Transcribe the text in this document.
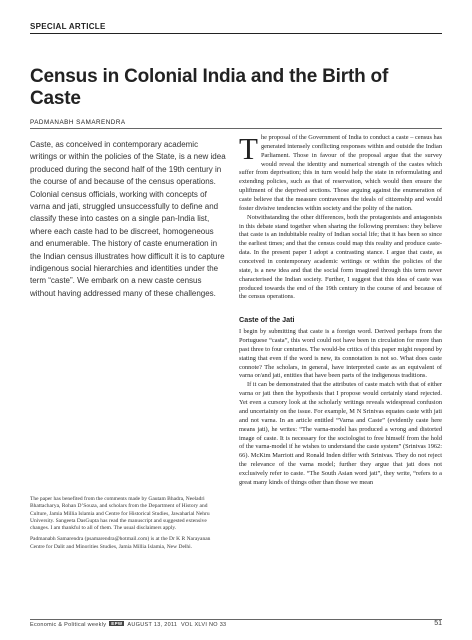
SPECIAL ARTICLE
Census in Colonial India and the Birth of Caste
PADMANABH SAMARENDRA

Caste, as conceived in contemporary academic writings or within the policies of the State, is a new idea produced during the second half of the 19th century in the course of and because of the census operations. Colonial census officials, working with concepts of varna and jati, struggled unsuccessfully to define and classify these into castes on a single pan-India list, where each caste had to be discreet, homogeneous and enumerable. The history of caste enumeration in the Indian census illustrates how difficult it is to capture indigenous social hierarchies and identities under the term “caste”. We embark on a new caste census without having addressed many of these challenges.

The paper has benefited from the comments made by Gautam Bhadra, Neeladri Bhattacharya, Rohan D’Souza, and scholars from the Department of History and Culture, Jamia Millia Islamia and Centre for Historical Studies, Jawaharlal Nehru University. Sangeeta DasGupta has read the manuscript and suggested extensive changes. I am thankful to all of them. The usual disclaimers apply.

Padmanabh Samarendra (psamarendra@hotmail.com) is at the Dr K R Narayanan Centre for Dalit and Minorities Studies, Jamia Millia Islamia, New Delhi.

The proposal of the Government of India to conduct a caste – census has generated intensely conflicting responses within and outside the Indian Parliament. Those in favour of the proposal argue that the survey would reveal the identity and numerical strength of the castes which suffer from deprivation; this in turn would help the state in reformulating and extending policies, such as that of reservation, which would then ensure the upliftment of the deprived sections. Those arguing against the enumeration of caste believe that the measure contravenes the ideals of citizenship and would foster divisive tendencies within society and the polity of the nation.

Notwithstanding the other differences, both the protagonists and antagonists in this debate stand together when sharing the following premises: they believe that caste is an indubitable reality of Indian social life; that it has been so since the earliest times; and that the census could map this reality and produce caste-data. In the present paper I adopt a contrasting stance. I argue that caste, as conceived in contemporary academic writings or within the policies of the state, is a new idea and that the social form imagined through this term never characterised the Indian society. Further, I suggest that this idea of caste was produced towards the end of the 19th century in the course of and because of the census operations.

Caste of the Jati

I begin by submitting that caste is a foreign word. Derived perhaps from the Portuguese “casta”, this word could not have been in circulation for more than past three to four centuries. The would-be critics of this paper might respond by stating that even if the word is new, its connotation is not so. What does caste connote? The scholars, in general, have interpreted caste as an equivalent of varna or/and jati, entities that have been parts of the indigenous traditions.

If it can be demonstrated that the attributes of caste match with that of either varna or jati then the hypothesis that I propose would certainly stand rejected. Yet even a cursory look at the scholarly writings reveals widespread confusion and uncertainty on the issue. For example, M N Srinivas equates caste with jati and not varna. In an article entitled “Varna and Caste” (evidently caste here means jati), he writes: “The varna-model has produced a wrong and distorted image of caste. It is necessary for the sociologist to free himself from the hold of the varna-model if he wishes to understand the caste system” (Srinivas 1962: 66). McKim Marriott and Ronald Inden differ with Srinivas. They do not reject the relevance of the varna model; further they argue that jati does not exclusively refer to caste. “The South Asian word jati”, they write, “refers to a great many kinds of things other than those we mean

Economic & Political weekly EPW AUGUST 13, 2011 VOL XLVI NO 33	51
